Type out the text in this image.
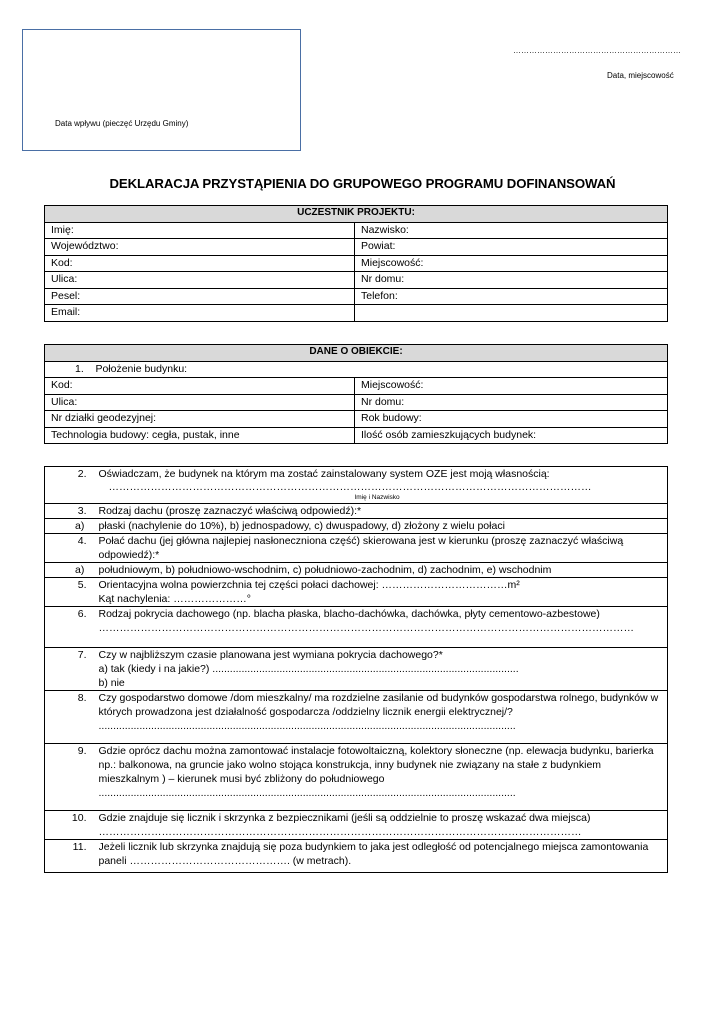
Data wpływu (pieczęć Urzędu Gminy)
………………………………………………………
Data, miejscowość
DEKLARACJA PRZYSTĄPIENIA DO GRUPOWEGO PROGRAMU DOFINANSOWAŃ
UCZESTNIK PROJEKTU:	
Imię:	Nazwisko:
Województwo:	Powiat:
Kod:	Miejscowość:
Ulica:	Nr domu:
Pesel:	Telefon:
Email:	
DANE O OBIEKCIE:	
1. Położenie budynku:	
Kod:	Miejscowość:
Ulica:	Nr domu:
Nr działki geodezyjnej:	Rok budowy:
Technologia budowy: cegła, pustak, inne	Ilość osób zamieszkujących budynek:
2.	Oświadczam, że budynek na którym ma zostać zainstalowany system OZE jest moją własnością:
	…………………………………………………………………………………………………………………………
	Imię i Nazwisko
3.	Rodzaj dachu (proszę zaznaczyć właściwą odpowiedź):*
a)	płaski (nachylenie do 10%), b) jednospadowy, c) dwuspadowy, d) złożony z wielu połaci
4.	Połać dachu (jej główna najlepiej nasłoneczniona część) skierowana jest w kierunku (proszę zaznaczyć właściwą odpowiedź):*
a)	południowym, b) południowo-wschodnim, c) południowo-zachodnim, d) zachodnim, e) wschodnim
5.	Orientacyjna wolna powierzchnia tej części połaci dachowej: ………………………………m²
	Kąt nachylenia: …………………°
6.	Rodzaj pokrycia dachowego (np. blacha płaska, blacho-dachówka, dachówka, płyty cementowo-azbestowe)
	………………………………………………………………………………………………………………………………………
7.	Czy w najbliższym czasie planowana jest wymiana pokrycia dachowego?*
	a) tak (kiedy i na jakie?) .........................................................................................................
	b) nie
8.	Czy gospodarstwo domowe /dom mieszkalny/ ma rozdzielne zasilanie od budynków gospodarstwa rolnego, budynków w których prowadzona jest działalność gospodarcza /oddzielny licznik energii elektrycznej/?
	...............................................................................................................................................
9.	Gdzie oprócz dachu można zamontować instalacje fotowoltaiczną, kolektory słoneczne (np. elewacja budynku, barierka np.: balkonowa, na gruncie jako wolno stojąca konstrukcja, inny budynek nie związany na stałe z budynkiem mieszkalnym ) – kierunek musi być zbliżony do południowego
	...............................................................................................................................................
10.	Gdzie znajduje się licznik i skrzynka z bezpiecznikami (jeśli są oddzielnie to proszę wskazać dwa miejsca)
	…………………………………………………………………………………………………………………………
11.	Jeżeli licznik lub skrzynka znajdują się poza budynkiem to jaka jest odległość od potencjalnego miejsca zamontowania paneli ………………………………………. (w metrach).
